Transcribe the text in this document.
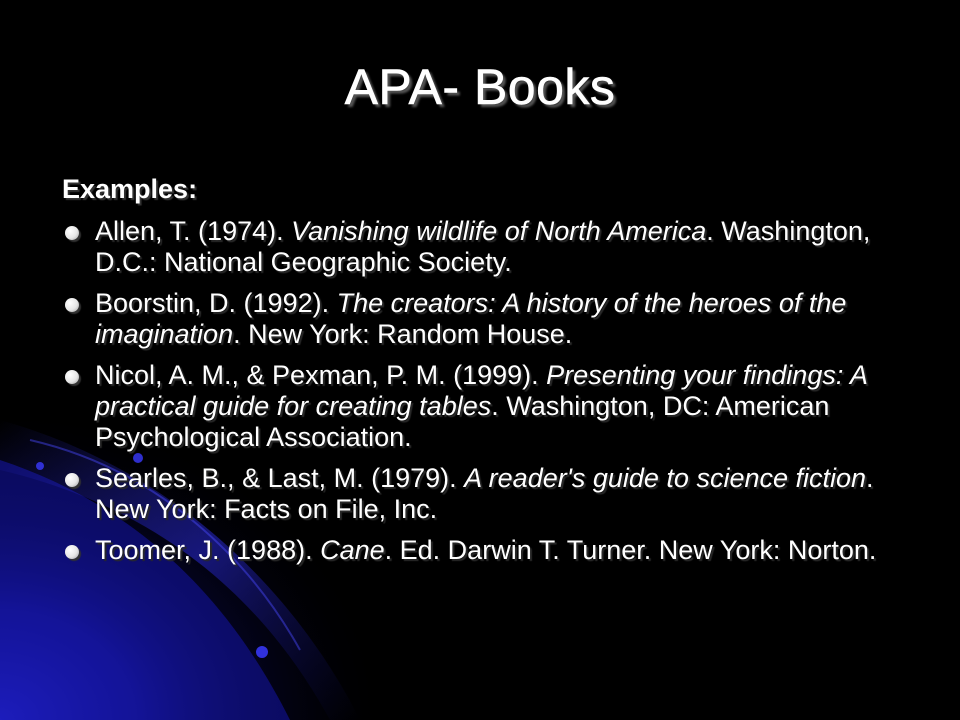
APA- Books
Examples:
Allen, T. (1974). Vanishing wildlife of North America. Washington, D.C.: National Geographic Society.
Boorstin, D. (1992). The creators: A history of the heroes of the imagination. New York: Random House.
Nicol, A. M., & Pexman, P. M. (1999). Presenting your findings: A practical guide for creating tables. Washington, DC: American Psychological Association.
Searles, B., & Last, M. (1979). A reader's guide to science fiction. New York: Facts on File, Inc.
Toomer, J. (1988). Cane. Ed. Darwin T. Turner. New York: Norton.
